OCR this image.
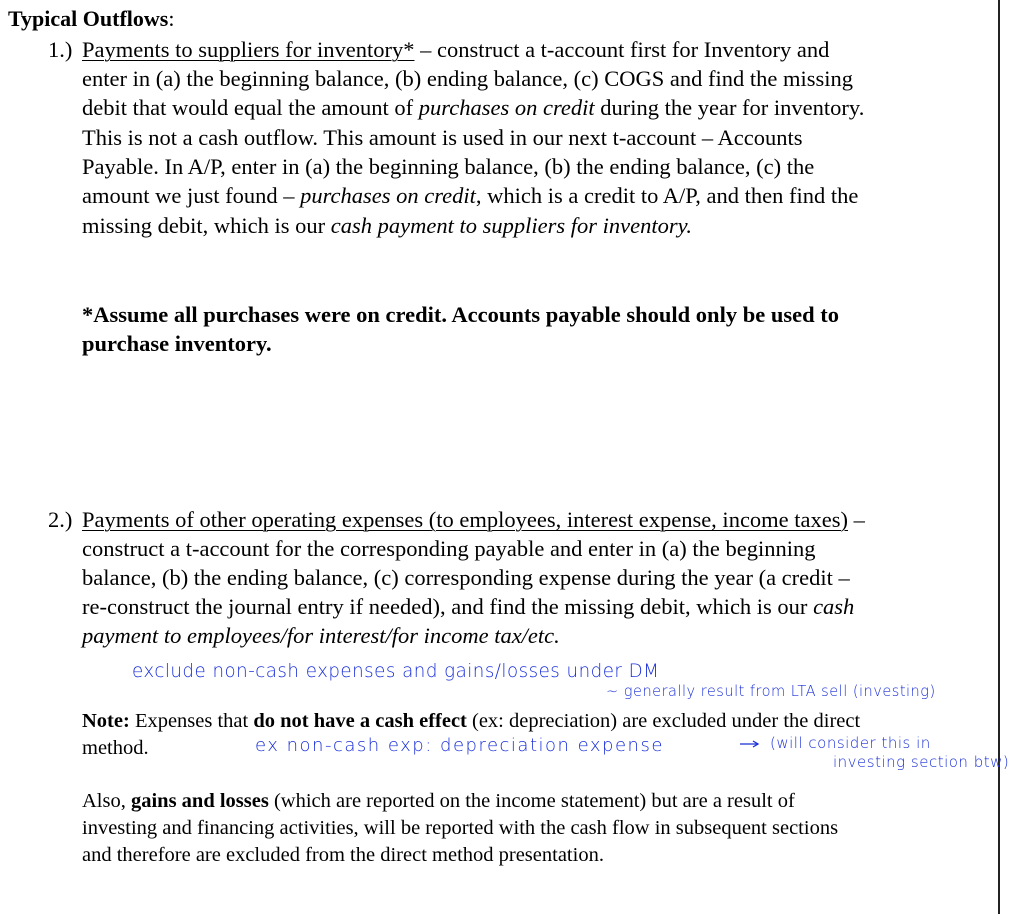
Typical Outflows:
1.) Payments to suppliers for inventory* – construct a t-account first for Inventory and
enter in (a) the beginning balance, (b) ending balance, (c) COGS and find the missing
debit that would equal the amount of purchases on credit during the year for inventory.
This is not a cash outflow. This amount is used in our next t-account – Accounts
Payable. In A/P, enter in (a) the beginning balance, (b) the ending balance, (c) the
amount we just found – purchases on credit, which is a credit to A/P, and then find the
missing debit, which is our cash payment to suppliers for inventory.
*Assume all purchases were on credit. Accounts payable should only be used to
purchase inventory.
2.) Payments of other operating expenses (to employees, interest expense, income taxes) –
construct a t-account for the corresponding payable and enter in (a) the beginning
balance, (b) the ending balance, (c) corresponding expense during the year (a credit –
re-construct the journal entry if needed), and find the missing debit, which is our cash
payment to employees/for interest/for income tax/etc.
Note: Expenses that do not have a cash effect (ex: depreciation) are excluded under the direct
method.
Also, gains and losses (which are reported on the income statement) but are a result of
investing and financing activities, will be reported with the cash flow in subsequent sections
and therefore are excluded from the direct method presentation.
exclude non-cash expenses and gains/losses under DM
~ generally result from LTA sell (investing)
ex non-cash exp: depreciation expense	(will consider this in
investing section btw)
